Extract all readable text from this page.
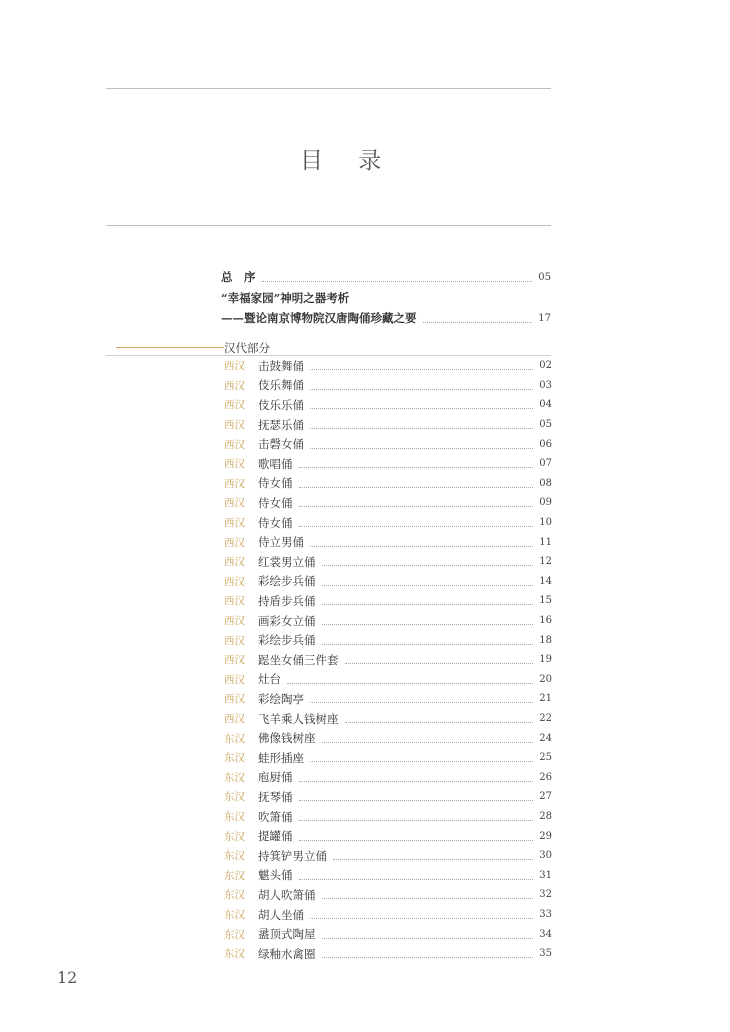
目 录
总　序	05
“幸福家园”神明之器考析
——暨论南京博物院汉唐陶俑珍藏之要	17
汉代部分
西汉	击鼓舞俑	02
西汉	伎乐舞俑	03
西汉	伎乐乐俑	04
西汉	抚瑟乐俑	05
西汉	击磬女俑	06
西汉	歌唱俑	07
西汉	侍女俑	08
西汉	侍女俑	09
西汉	侍女俑	10
西汉	侍立男俑	11
西汉	红裳男立俑	12
西汉	彩绘步兵俑	14
西汉	持盾步兵俑	15
西汉	画彩女立俑	16
西汉	彩绘步兵俑	18
西汉	跽坐女俑三件套	19
西汉	灶台	20
西汉	彩绘陶亭	21
西汉	飞羊乘人钱树座	22
东汉	佛像钱树座	24
东汉	蛙形插座	25
东汉	庖厨俑	26
东汉	抚琴俑	27
东汉	吹箫俑	28
东汉	提罐俑	29
东汉	持箕铲男立俑	30
东汉	魌头俑	31
东汉	胡人吹箫俑	32
东汉	胡人坐俑	33
东汉	盝顶式陶屋	34
东汉	绿釉水禽圈	35
12
